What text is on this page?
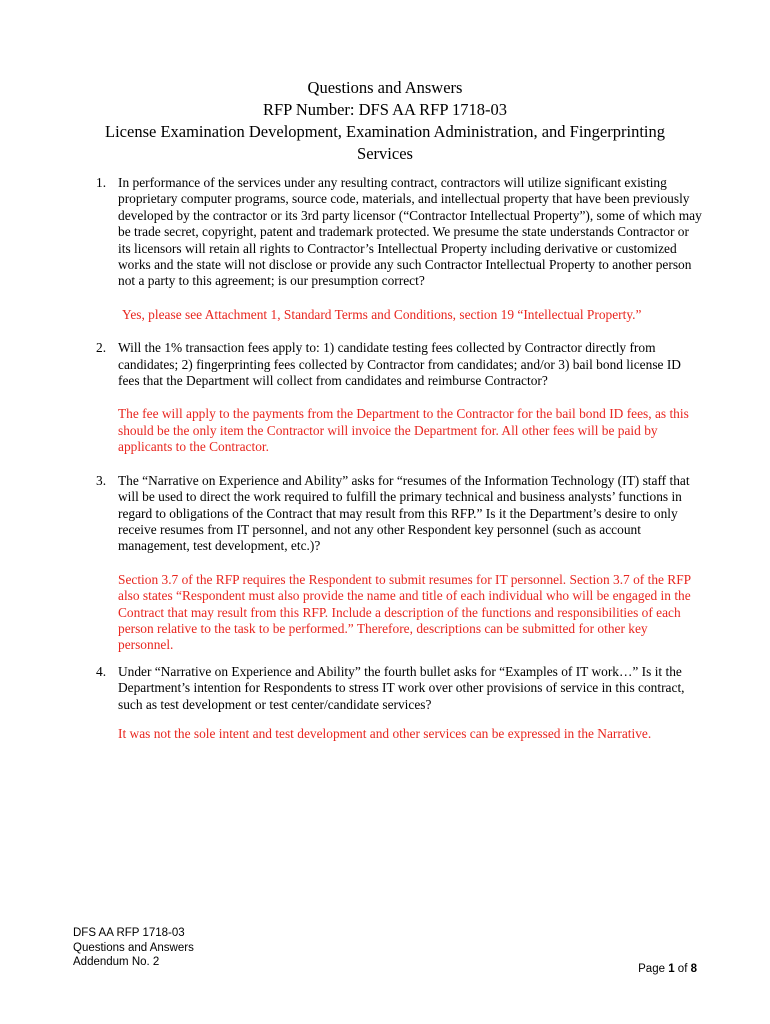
Questions and Answers
RFP Number: DFS AA RFP 1718-03
License Examination Development, Examination Administration, and Fingerprinting
Services
1. In performance of the services under any resulting contract, contractors will utilize significant existing proprietary computer programs, source code, materials, and intellectual property that have been previously developed by the contractor or its 3rd party licensor (“Contractor Intellectual Property”), some of which may be trade secret, copyright, patent and trademark protected. We presume the state understands Contractor or its licensors will retain all rights to Contractor’s Intellectual Property including derivative or customized works and the state will not disclose or provide any such Contractor Intellectual Property to another person not a party to this agreement; is our presumption correct?

Yes, please see Attachment 1, Standard Terms and Conditions, section 19 “Intellectual Property.”

2. Will the 1% transaction fees apply to: 1) candidate testing fees collected by Contractor directly from candidates; 2) fingerprinting fees collected by Contractor from candidates; and/or 3) bail bond license ID fees that the Department will collect from candidates and reimburse Contractor?

The fee will apply to the payments from the Department to the Contractor for the bail bond ID fees, as this should be the only item the Contractor will invoice the Department for. All other fees will be paid by applicants to the Contractor.

3. The “Narrative on Experience and Ability” asks for “resumes of the Information Technology (IT) staff that will be used to direct the work required to fulfill the primary technical and business analysts’ functions in regard to obligations of the Contract that may result from this RFP.” Is it the Department’s desire to only receive resumes from IT personnel, and not any other Respondent key personnel (such as account management, test development, etc.)?

Section 3.7 of the RFP requires the Respondent to submit resumes for IT personnel. Section 3.7 of the RFP also states “Respondent must also provide the name and title of each individual who will be engaged in the Contract that may result from this RFP. Include a description of the functions and responsibilities of each person relative to the task to be performed.” Therefore, descriptions can be submitted for other key personnel.

4. Under “Narrative on Experience and Ability” the fourth bullet asks for “Examples of IT work…” Is it the Department’s intention for Respondents to stress IT work over other provisions of service in this contract, such as test development or test center/candidate services?

It was not the sole intent and test development and other services can be expressed in the Narrative.

DFS AA RFP 1718-03
Questions and Answers
Addendum No. 2
Page 1 of 8
